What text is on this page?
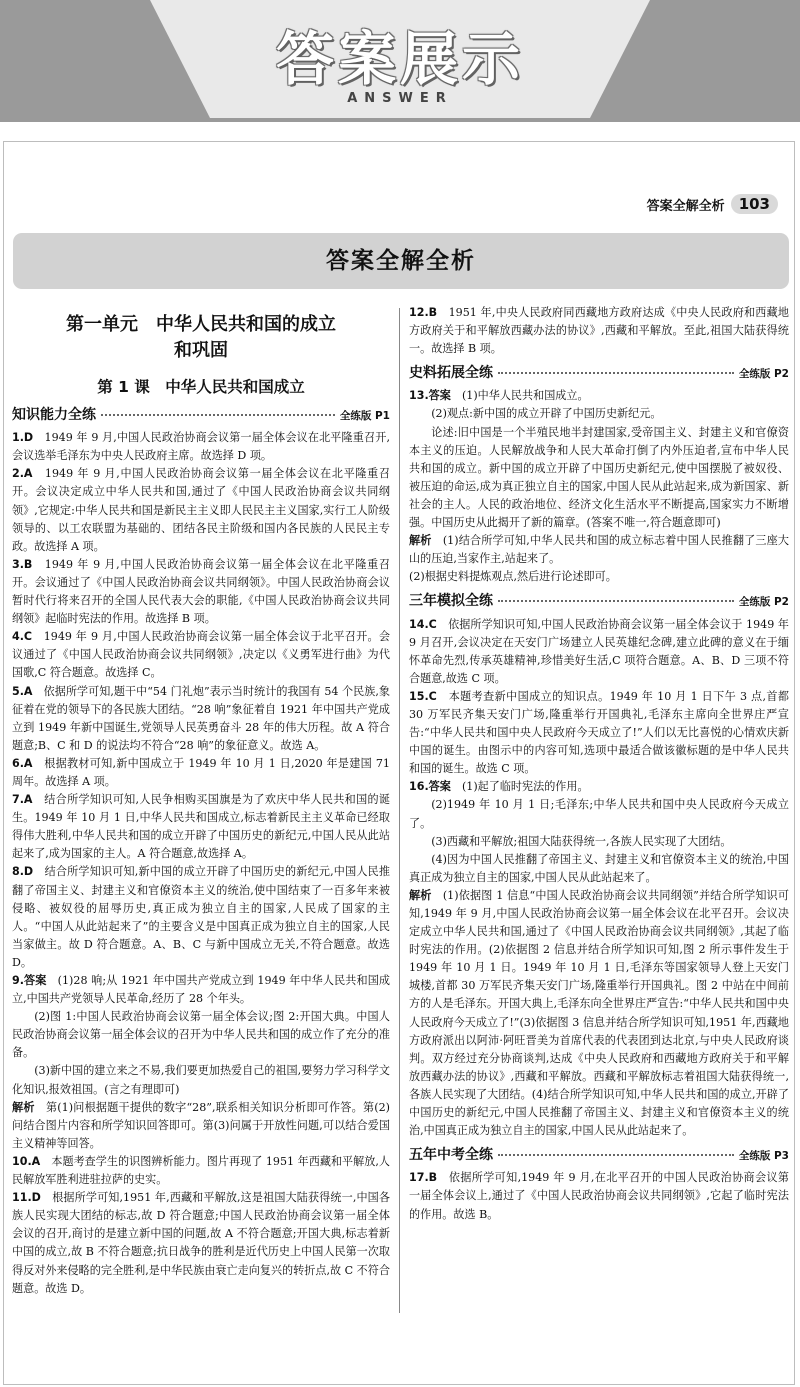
答案展示
ANSWER
答案全解全析 103
答案全解全析
第一单元　中华人民共和国的成立
和巩固
第 1 课　中华人民共和国成立
知识能力全练	全练版 P1

1.D　1949 年 9 月,中国人民政治协商会议第一届全体会议在北平隆重召开,会议选举毛泽东为中央人民政府主席。故选择 D 项。

2.A　1949 年 9 月,中国人民政治协商会议第一届全体会议在北平隆重召开。会议决定成立中华人民共和国,通过了《中国人民政治协商会议共同纲领》,它规定:中华人民共和国是新民主主义即人民民主主义国家,实行工人阶级领导的、以工农联盟为基础的、团结各民主阶级和国内各民族的人民民主专政。故选择 A 项。

3.B　1949 年 9 月,中国人民政治协商会议第一届全体会议在北平隆重召开。会议通过了《中国人民政治协商会议共同纲领》。中国人民政治协商会议暂时代行将来召开的全国人民代表大会的职能,《中国人民政治协商会议共同纲领》起临时宪法的作用。故选择 B 项。

4.C　1949 年 9 月,中国人民政治协商会议第一届全体会议于北平召开。会议通过了《中国人民政治协商会议共同纲领》,决定以《义勇军进行曲》为代国歌,C 符合题意。故选择 C。

5.A　依据所学可知,题干中“54 门礼炮”表示当时统计的我国有 54 个民族,象征着在党的领导下的各民族大团结。“28 响”象征着自 1921 年中国共产党成立到 1949 年新中国诞生,党领导人民英勇奋斗 28 年的伟大历程。故 A 符合题意;B、C 和 D 的说法均不符合“28 响”的象征意义。故选 A。

6.A　根据教材可知,新中国成立于 1949 年 10 月 1 日,2020 年是建国 71 周年。故选择 A 项。

7.A　结合所学知识可知,人民争相购买国旗是为了欢庆中华人民共和国的诞生。1949 年 10 月 1 日,中华人民共和国成立,标志着新民主主义革命已经取得伟大胜利,中华人民共和国的成立开辟了中国历史的新纪元,中国人民从此站起来了,成为国家的主人。A 符合题意,故选择 A。

8.D　结合所学知识可知,新中国的成立开辟了中国历史的新纪元,中国人民推翻了帝国主义、封建主义和官僚资本主义的统治,使中国结束了一百多年来被侵略、被奴役的屈辱历史,真正成为独立自主的国家,人民成了国家的主人。“中国人从此站起来了”的主要含义是中国真正成为独立自主的国家,人民当家做主。故 D 符合题意。A、B、C 与新中国成立无关,不符合题意。故选 D。

9.答案　(1)28 响;从 1921 年中国共产党成立到 1949 年中华人民共和国成立,中国共产党领导人民革命,经历了 28 个年头。

(2)图 1:中国人民政治协商会议第一届全体会议;图 2:开国大典。中国人民政治协商会议第一届全体会议的召开为中华人民共和国的成立作了充分的准备。

(3)新中国的建立来之不易,我们要更加热爱自己的祖国,要努力学习科学文化知识,报效祖国。(言之有理即可)

解析　第(1)问根据题干提供的数字“28”,联系相关知识分析即可作答。第(2)问结合图片内容和所学知识回答即可。第(3)问属于开放性问题,可以结合爱国主义精神等回答。

10.A　本题考查学生的识图辨析能力。图片再现了 1951 年西藏和平解放,人民解放军胜利进驻拉萨的史实。

11.D　根据所学可知,1951 年,西藏和平解放,这是祖国大陆获得统一,中国各族人民实现大团结的标志,故 D 符合题意;中国人民政治协商会议第一届全体会议的召开,商讨的是建立新中国的问题,故 A 不符合题意;开国大典,标志着新中国的成立,故 B 不符合题意;抗日战争的胜利是近代历史上中国人民第一次取得反对外来侵略的完全胜利,是中华民族由衰亡走向复兴的转折点,故 C 不符合题意。故选 D。

12.B　1951 年,中央人民政府同西藏地方政府达成《中央人民政府和西藏地方政府关于和平解放西藏办法的协议》,西藏和平解放。至此,祖国大陆获得统一。故选择 B 项。

史料拓展全练	全练版 P2

13.答案　(1)中华人民共和国成立。

(2)观点:新中国的成立开辟了中国历史新纪元。

论述:旧中国是一个半殖民地半封建国家,受帝国主义、封建主义和官僚资本主义的压迫。人民解放战争和人民大革命打倒了内外压迫者,宣布中华人民共和国的成立。新中国的成立开辟了中国历史新纪元,使中国摆脱了被奴役、被压迫的命运,成为真正独立自主的国家,中国人民从此站起来,成为新国家、新社会的主人。人民的政治地位、经济文化生活水平不断提高,国家实力不断增强。中国历史从此揭开了新的篇章。(答案不唯一,符合题意即可)

解析　(1)结合所学可知,中华人民共和国的成立标志着中国人民推翻了三座大山的压迫,当家作主,站起来了。

(2)根据史料提炼观点,然后进行论述即可。

三年模拟全练	全练版 P2

14.C　依据所学知识可知,中国人民政治协商会议第一届全体会议于 1949 年 9 月召开,会议决定在天安门广场建立人民英雄纪念碑,建立此碑的意义在于缅怀革命先烈,传承英雄精神,珍惜美好生活,C 项符合题意。A、B、D 三项不符合题意,故选 C 项。

15.C　本题考查新中国成立的知识点。1949 年 10 月 1 日下午 3 点,首都 30 万军民齐集天安门广场,隆重举行开国典礼,毛泽东主席向全世界庄严宣告:“中华人民共和国中央人民政府今天成立了!”人们以无比喜悦的心情欢庆新中国的诞生。由图示中的内容可知,选项中最适合做该徽标题的是中华人民共和国的诞生。故选 C 项。

16.答案　(1)起了临时宪法的作用。

(2)1949 年 10 月 1 日;毛泽东;中华人民共和国中央人民政府今天成立了。

(3)西藏和平解放;祖国大陆获得统一,各族人民实现了大团结。

(4)因为中国人民推翻了帝国主义、封建主义和官僚资本主义的统治,中国真正成为独立自主的国家,中国人民从此站起来了。

解析　(1)依据图 1 信息“中国人民政治协商会议共同纲领”并结合所学知识可知,1949 年 9 月,中国人民政治协商会议第一届全体会议在北平召开。会议决定成立中华人民共和国,通过了《中国人民政治协商会议共同纲领》,其起了临时宪法的作用。(2)依据图 2 信息并结合所学知识可知,图 2 所示事件发生于 1949 年 10 月 1 日。1949 年 10 月 1 日,毛泽东等国家领导人登上天安门城楼,首都 30 万军民齐集天安门广场,隆重举行开国典礼。图 2 中站在中间前方的人是毛泽东。开国大典上,毛泽东向全世界庄严宣告:“中华人民共和国中央人民政府今天成立了!”(3)依据图 3 信息并结合所学知识可知,1951 年,西藏地方政府派出以阿沛·阿旺晋美为首席代表的代表团到达北京,与中央人民政府谈判。双方经过充分协商谈判,达成《中央人民政府和西藏地方政府关于和平解放西藏办法的协议》,西藏和平解放。西藏和平解放标志着祖国大陆获得统一,各族人民实现了大团结。(4)结合所学知识可知,中华人民共和国的成立,开辟了中国历史的新纪元,中国人民推翻了帝国主义、封建主义和官僚资本主义的统治,中国真正成为独立自主的国家,中国人民从此站起来了。

五年中考全练	全练版 P3

17.B　依据所学可知,1949 年 9 月,在北平召开的中国人民政治协商会议第一届全体会议上,通过了《中国人民政治协商会议共同纲领》,它起了临时宪法的作用。故选 B。
